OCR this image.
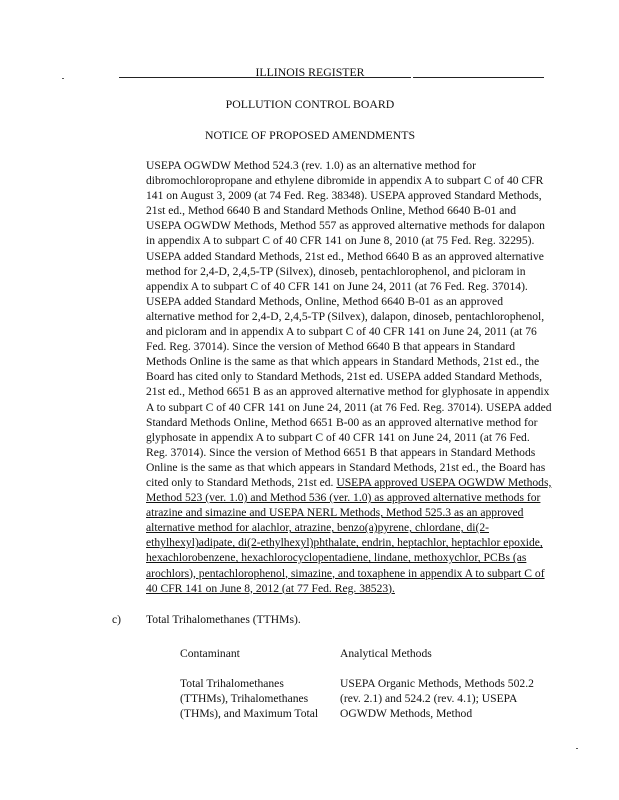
ILLINOIS REGISTER
POLLUTION CONTROL BOARD
NOTICE OF PROPOSED AMENDMENTS
USEPA OGWDW Method 524.3 (rev. 1.0) as an alternative method for dibromochloropropane and ethylene dibromide in appendix A to subpart C of 40 CFR 141 on August 3, 2009 (at 74 Fed. Reg. 38348). USEPA approved Standard Methods, 21st ed., Method 6640 B and Standard Methods Online, Method 6640 B-01 and USEPA OGWDW Methods, Method 557 as approved alternative methods for dalapon in appendix A to subpart C of 40 CFR 141 on June 8, 2010 (at 75 Fed. Reg. 32295). USEPA added Standard Methods, 21st ed., Method 6640 B as an approved alternative method for 2,4-D, 2,4,5-TP (Silvex), dinoseb, pentachlorophenol, and picloram in appendix A to subpart C of 40 CFR 141 on June 24, 2011 (at 76 Fed. Reg. 37014). USEPA added Standard Methods, Online, Method 6640 B-01 as an approved alternative method for 2,4-D, 2,4,5-TP (Silvex), dalapon, dinoseb, pentachlorophenol, and picloram and in appendix A to subpart C of 40 CFR 141 on June 24, 2011 (at 76 Fed. Reg. 37014). Since the version of Method 6640 B that appears in Standard Methods Online is the same as that which appears in Standard Methods, 21st ed., the Board has cited only to Standard Methods, 21st ed. USEPA added Standard Methods, 21st ed., Method 6651 B as an approved alternative method for glyphosate in appendix A to subpart C of 40 CFR 141 on June 24, 2011 (at 76 Fed. Reg. 37014). USEPA added Standard Methods Online, Method 6651 B-00 as an approved alternative method for glyphosate in appendix A to subpart C of 40 CFR 141 on June 24, 2011 (at 76 Fed. Reg. 37014). Since the version of Method 6651 B that appears in Standard Methods Online is the same as that which appears in Standard Methods, 21st ed., the Board has cited only to Standard Methods, 21st ed. USEPA approved USEPA OGWDW Methods, Method 523 (ver. 1.0) and Method 536 (ver. 1.0) as approved alternative methods for atrazine and simazine and USEPA NERL Methods, Method 525.3 as an approved alternative method for alachlor, atrazine, benzo(a)pyrene, chlordane, di(2-ethylhexyl)adipate, di(2-ethylhexyl)phthalate, endrin, heptachlor, heptachlor epoxide, hexachlorobenzene, hexachlorocyclopentadiene, lindane, methoxychlor, PCBs (as arochlors), pentachlorophenol, simazine, and toxaphene in appendix A to subpart C of 40 CFR 141 on June 8, 2012 (at 77 Fed. Reg. 38523).
c) Total Trihalomethanes (TTHMs).
Contaminant	Analytical Methods
Total Trihalomethanes (TTHMs), Trihalomethanes (THMs), and Maximum Total
USEPA Organic Methods, Methods 502.2 (rev. 2.1) and 524.2 (rev. 4.1); USEPA OGWDW Methods, Method
